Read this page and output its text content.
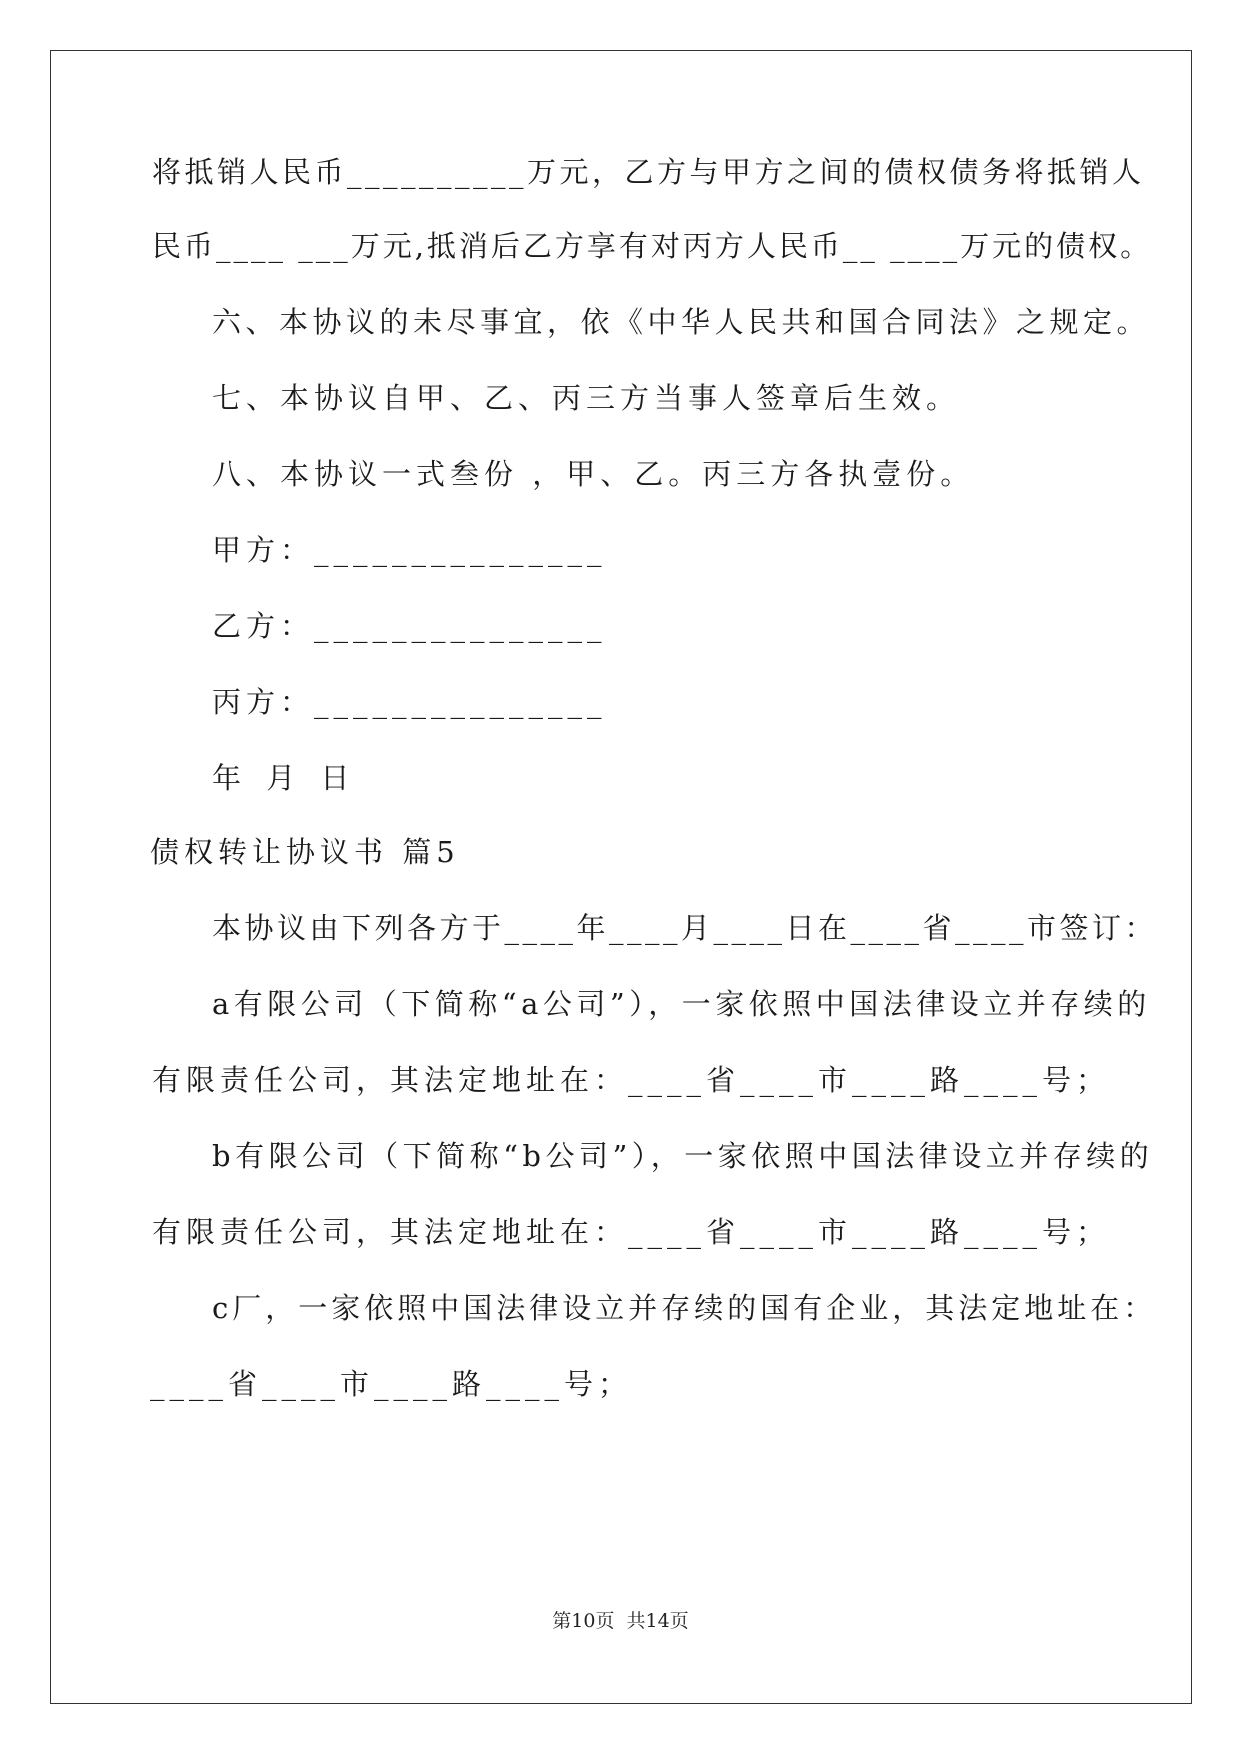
将抵销人民币__________万元，乙方与甲方之间的债权债务将抵销人
民币____ ___万元,抵消后乙方享有对丙方人民币__ ____万元的债权。
六、本协议的未尽事宜，依《中华人民共和国合同法》之规定。
七、本协议自甲、乙、丙三方当事人签章后生效。
八、本协议一式叁份 ，甲、乙。丙三方各执壹份。
甲方：_______________
乙方：_______________
丙方：_______________
年 月 日
债权转让协议书 篇5
本协议由下列各方于____年____月____日在____省____市签订：
a有限公司（下简称“a公司”），一家依照中国法律设立并存续的
有限责任公司，其法定地址在：____省____市____路____号；
b有限公司（下简称“b公司”），一家依照中国法律设立并存续的
有限责任公司，其法定地址在：____省____市____路____号；
c厂，一家依照中国法律设立并存续的国有企业，其法定地址在：
____省____市____路____号；
第10页  共14页
